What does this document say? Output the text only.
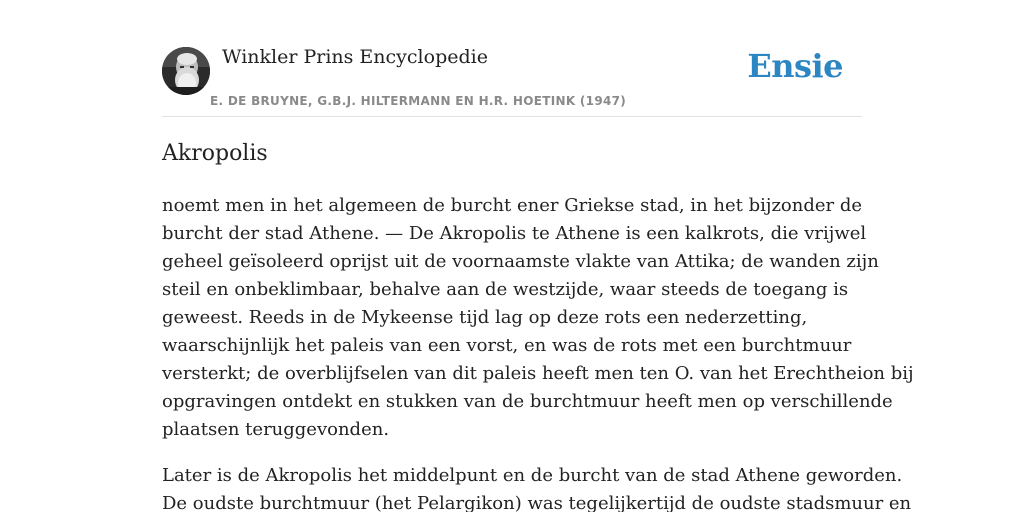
Winkler Prins Encyclopedie
E. DE BRUYNE, G.B.J. HILTERMANN EN H.R. HOETINK (1947)
Ensie
Akropolis

noemt men in het algemeen de burcht ener Griekse stad, in het bijzonder de
burcht der stad Athene. — De Akropolis te Athene is een kalkrots, die vrijwel
geheel geïsoleerd oprijst uit de voornaamste vlakte van Attika; de wanden zijn
steil en onbeklimbaar, behalve aan de westzijde, waar steeds de toegang is
geweest. Reeds in de Mykeense tijd lag op deze rots een nederzetting,
waarschijnlijk het paleis van een vorst, en was de rots met een burchtmuur
versterkt; de overblijfselen van dit paleis heeft men ten O. van het Erechtheion bij
opgravingen ontdekt en stukken van de burchtmuur heeft men op verschillende
plaatsen teruggevonden.

Later is de Akropolis het middelpunt en de burcht van de stad Athene geworden.
De oudste burchtmuur (het Pelargikon) was tegelijkertijd de oudste stadsmuur en
